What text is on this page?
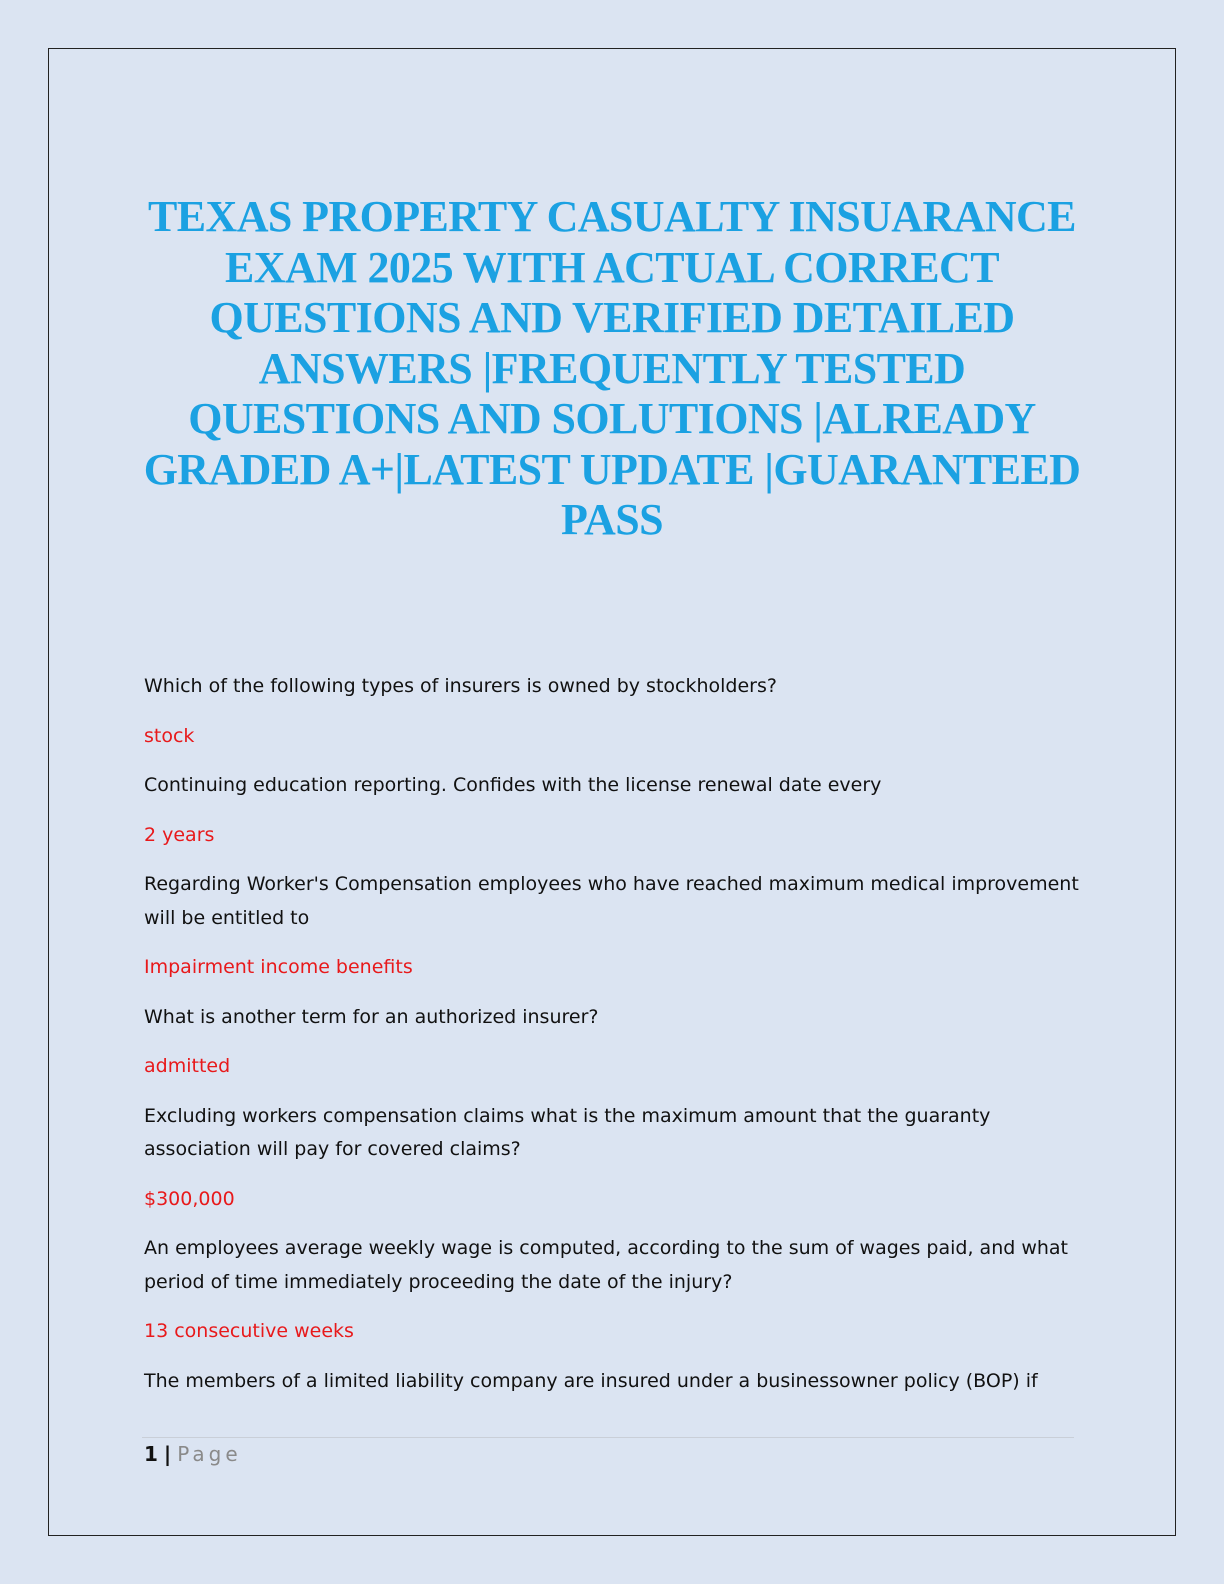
TEXAS PROPERTY CASUALTY INSUARANCE EXAM 2025 WITH ACTUAL CORRECT QUESTIONS AND VERIFIED DETAILED ANSWERS |FREQUENTLY TESTED QUESTIONS AND SOLUTIONS |ALREADY GRADED A+|LATEST UPDATE |GUARANTEED PASS

Which of the following types of insurers is owned by stockholders?

stock

Continuing education reporting. Confides with the license renewal date every

2 years

Regarding Worker's Compensation employees who have reached maximum medical improvement will be entitled to

Impairment income benefits

What is another term for an authorized insurer?

admitted

Excluding workers compensation claims what is the maximum amount that the guaranty association will pay for covered claims?

$300,000

An employees average weekly wage is computed, according to the sum of wages paid, and what period of time immediately proceeding the date of the injury?

13 consecutive weeks

The members of a limited liability company are insured under a businessowner policy (BOP) if

1 | Page
